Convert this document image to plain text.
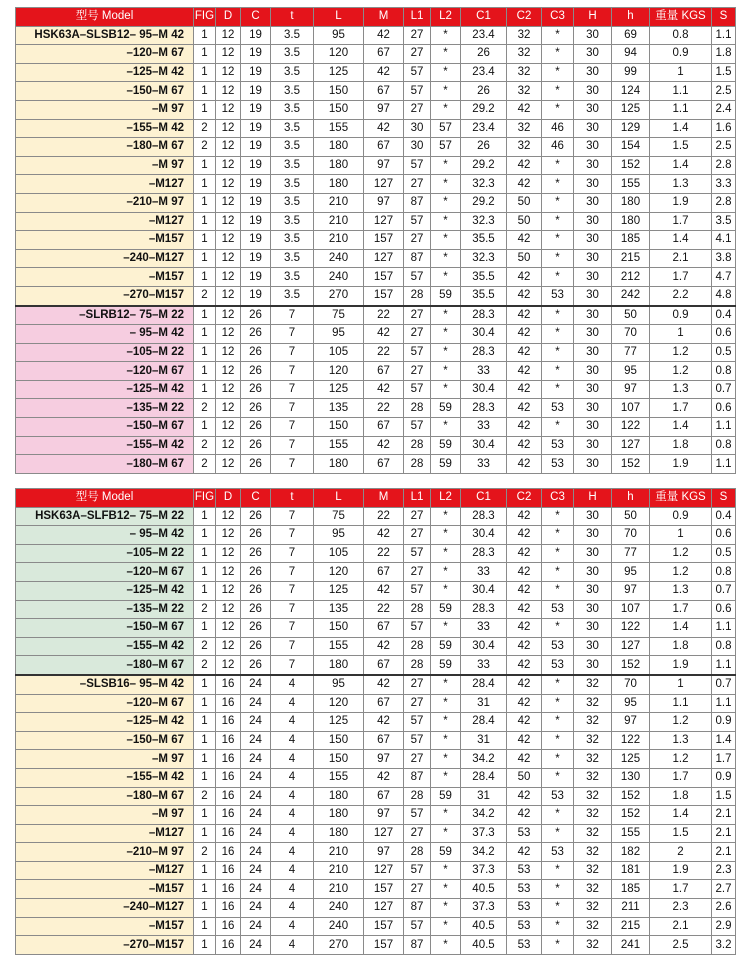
型号 Model	FIG	D	C	t	L	M	L1	L2	C1	C2	C3	H	h	重量 KGS	S
HSK63A–SLSB12– 95–M 42	1	12	19	3.5	95	42	27	*	23.4	32	*	30	69	0.8	1.1
–120–M 67	1	12	19	3.5	120	67	27	*	26	32	*	30	94	0.9	1.8
–125–M 42	1	12	19	3.5	125	42	57	*	23.4	32	*	30	99	1	1.5
–150–M 67	1	12	19	3.5	150	67	57	*	26	32	*	30	124	1.1	2.5
–M 97	1	12	19	3.5	150	97	27	*	29.2	42	*	30	125	1.1	2.4
–155–M 42	2	12	19	3.5	155	42	30	57	23.4	32	46	30	129	1.4	1.6
–180–M 67	2	12	19	3.5	180	67	30	57	26	32	46	30	154	1.5	2.5
–M 97	1	12	19	3.5	180	97	57	*	29.2	42	*	30	152	1.4	2.8
–M127	1	12	19	3.5	180	127	27	*	32.3	42	*	30	155	1.3	3.3
–210–M 97	1	12	19	3.5	210	97	87	*	29.2	50	*	30	180	1.9	2.8
–M127	1	12	19	3.5	210	127	57	*	32.3	50	*	30	180	1.7	3.5
–M157	1	12	19	3.5	210	157	27	*	35.5	42	*	30	185	1.4	4.1
–240–M127	1	12	19	3.5	240	127	87	*	32.3	50	*	30	215	2.1	3.8
–M157	1	12	19	3.5	240	157	57	*	35.5	42	*	30	212	1.7	4.7
–270–M157	2	12	19	3.5	270	157	28	59	35.5	42	53	30	242	2.2	4.8
–SLRB12– 75–M 22	1	12	26	7	75	22	27	*	28.3	42	*	30	50	0.9	0.4
– 95–M 42	1	12	26	7	95	42	27	*	30.4	42	*	30	70	1	0.6
–105–M 22	1	12	26	7	105	22	57	*	28.3	42	*	30	77	1.2	0.5
–120–M 67	1	12	26	7	120	67	27	*	33	42	*	30	95	1.2	0.8
–125–M 42	1	12	26	7	125	42	57	*	30.4	42	*	30	97	1.3	0.7
–135–M 22	2	12	26	7	135	22	28	59	28.3	42	53	30	107	1.7	0.6
–150–M 67	1	12	26	7	150	67	57	*	33	42	*	30	122	1.4	1.1
–155–M 42	2	12	26	7	155	42	28	59	30.4	42	53	30	127	1.8	0.8
–180–M 67	2	12	26	7	180	67	28	59	33	42	53	30	152	1.9	1.1
型号 Model	FIG	D	C	t	L	M	L1	L2	C1	C2	C3	H	h	重量 KGS	S
HSK63A–SLFB12– 75–M 22	1	12	26	7	75	22	27	*	28.3	42	*	30	50	0.9	0.4
– 95–M 42	1	12	26	7	95	42	27	*	30.4	42	*	30	70	1	0.6
–105–M 22	1	12	26	7	105	22	57	*	28.3	42	*	30	77	1.2	0.5
–120–M 67	1	12	26	7	120	67	27	*	33	42	*	30	95	1.2	0.8
–125–M 42	1	12	26	7	125	42	57	*	30.4	42	*	30	97	1.3	0.7
–135–M 22	2	12	26	7	135	22	28	59	28.3	42	53	30	107	1.7	0.6
–150–M 67	1	12	26	7	150	67	57	*	33	42	*	30	122	1.4	1.1
–155–M 42	2	12	26	7	155	42	28	59	30.4	42	53	30	127	1.8	0.8
–180–M 67	2	12	26	7	180	67	28	59	33	42	53	30	152	1.9	1.1
–SLSB16– 95–M 42	1	16	24	4	95	42	27	*	28.4	42	*	32	70	1	0.7
–120–M 67	1	16	24	4	120	67	27	*	31	42	*	32	95	1.1	1.1
–125–M 42	1	16	24	4	125	42	57	*	28.4	42	*	32	97	1.2	0.9
–150–M 67	1	16	24	4	150	67	57	*	31	42	*	32	122	1.3	1.4
–M 97	1	16	24	4	150	97	27	*	34.2	42	*	32	125	1.2	1.7
–155–M 42	1	16	24	4	155	42	87	*	28.4	50	*	32	130	1.7	0.9
–180–M 67	2	16	24	4	180	67	28	59	31	42	53	32	152	1.8	1.5
–M 97	1	16	24	4	180	97	57	*	34.2	42	*	32	152	1.4	2.1
–M127	1	16	24	4	180	127	27	*	37.3	53	*	32	155	1.5	2.1
–210–M 97	2	16	24	4	210	97	28	59	34.2	42	53	32	182	2	2.1
–M127	1	16	24	4	210	127	57	*	37.3	53	*	32	181	1.9	2.3
–M157	1	16	24	4	210	157	27	*	40.5	53	*	32	185	1.7	2.7
–240–M127	1	16	24	4	240	127	87	*	37.3	53	*	32	211	2.3	2.6
–M157	1	16	24	4	240	157	57	*	40.5	53	*	32	215	2.1	2.9
–270–M157	1	16	24	4	270	157	87	*	40.5	53	*	32	241	2.5	3.2
